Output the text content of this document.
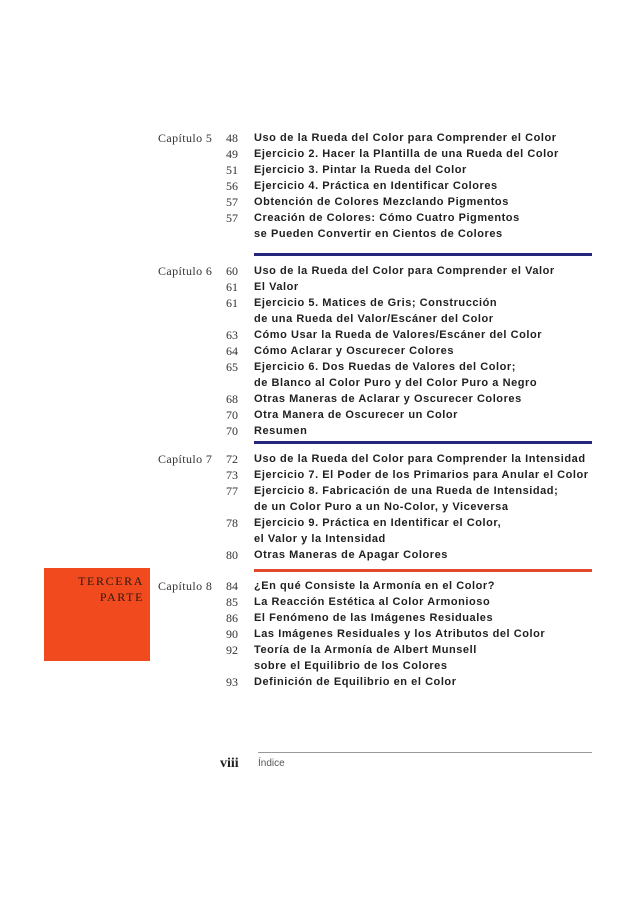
TERCERA
PARTE
Capítulo 5	48 Uso de la Rueda del Color para Comprender el Color
49 Ejercicio 2. Hacer la Plantilla de una Rueda del Color
51 Ejercicio 3. Pintar la Rueda del Color
56 Ejercicio 4. Práctica en Identificar Colores
57 Obtención de Colores Mezclando Pigmentos
57 Creación de Colores: Cómo Cuatro Pigmentos
se Pueden Convertir en Cientos de Colores
Capítulo 6	60 Uso de la Rueda del Color para Comprender el Valor
61 El Valor
61 Ejercicio 5. Matices de Gris; Construcción
de una Rueda del Valor/Escáner del Color
63 Cómo Usar la Rueda de Valores/Escáner del Color
64 Cómo Aclarar y Oscurecer Colores
65 Ejercicio 6. Dos Ruedas de Valores del Color;
de Blanco al Color Puro y del Color Puro a Negro
68 Otras Maneras de Aclarar y Oscurecer Colores
70 Otra Manera de Oscurecer un Color
70 Resumen
Capítulo 7	72 Uso de la Rueda del Color para Comprender la Intensidad
73 Ejercicio 7. El Poder de los Primarios para Anular el Color
77 Ejercicio 8. Fabricación de una Rueda de Intensidad;
de un Color Puro a un No-Color, y Viceversa
78 Ejercicio 9. Práctica en Identificar el Color,
el Valor y la Intensidad
80 Otras Maneras de Apagar Colores
Capítulo 8	84 ¿En qué Consiste la Armonía en el Color?
85 La Reacción Estética al Color Armonioso
86 El Fenómeno de las Imágenes Residuales
90 Las Imágenes Residuales y los Atributos del Color
92 Teoría de la Armonía de Albert Munsell
sobre el Equilibrio de los Colores
93 Definición de Equilibrio en el Color
viii Índice
